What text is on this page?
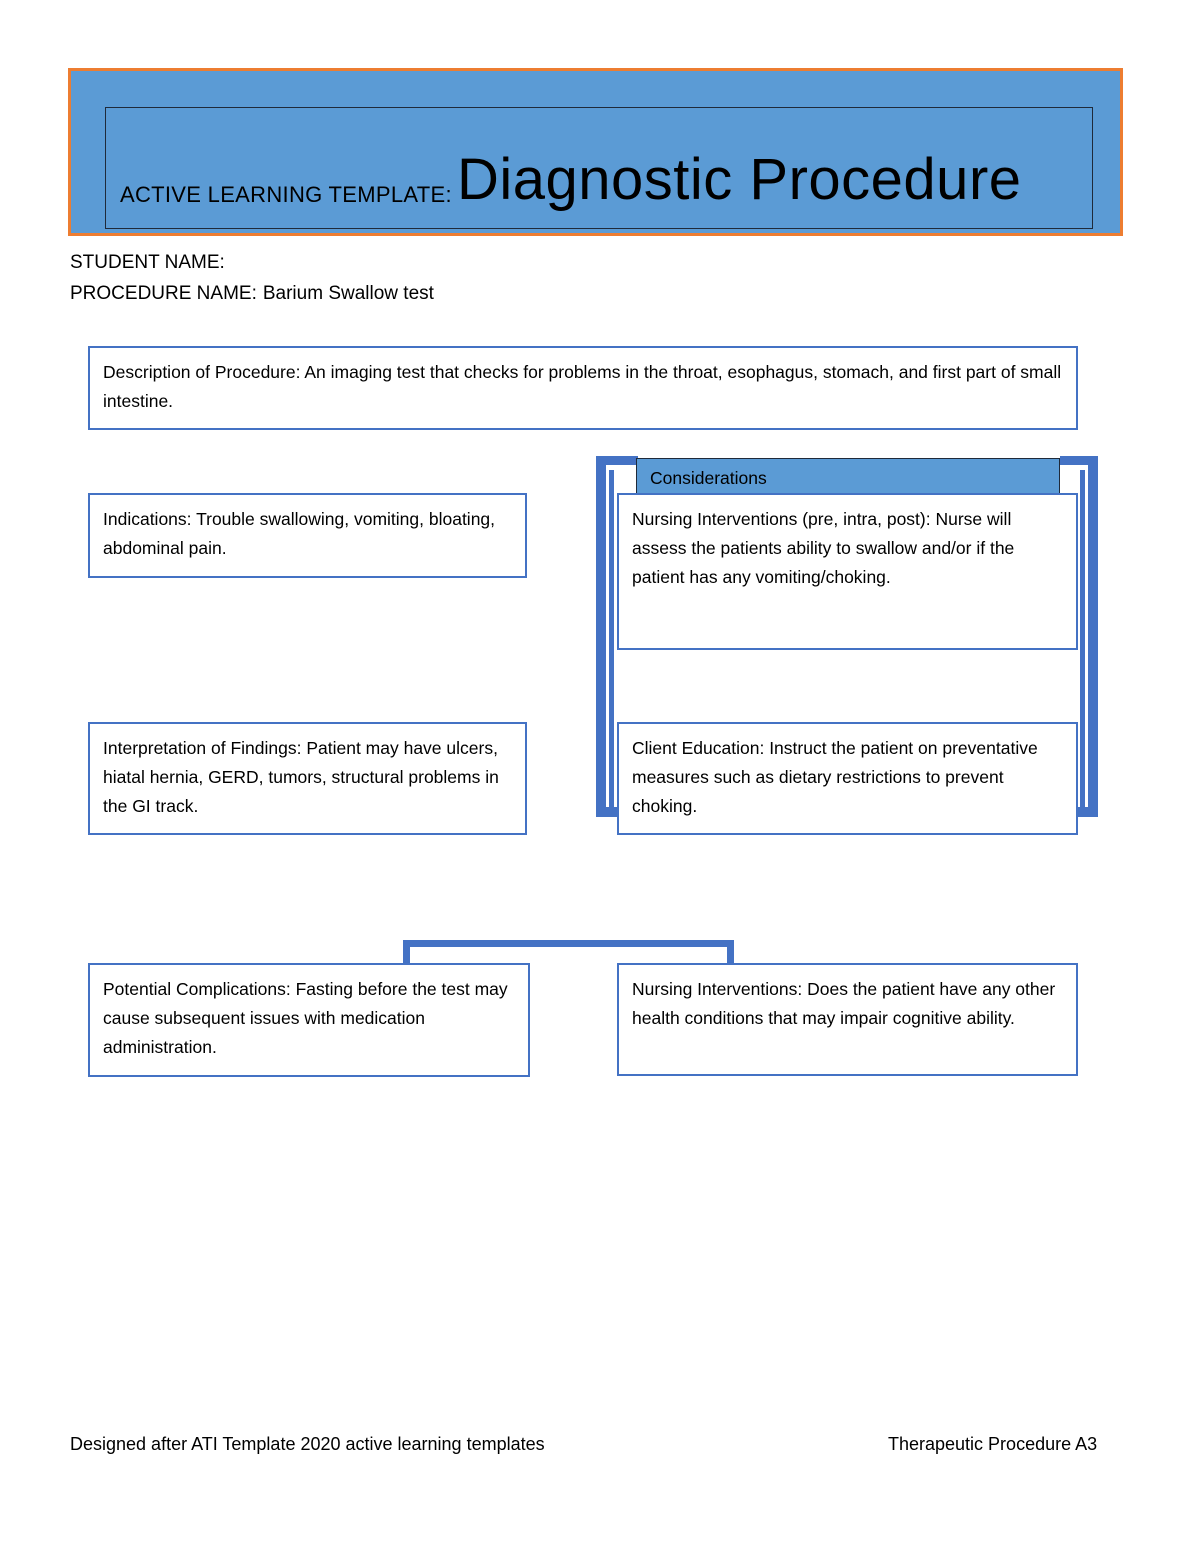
ACTIVE LEARNING TEMPLATE: Diagnostic Procedure
STUDENT NAME:
PROCEDURE NAME: Barium Swallow test
Description of Procedure: An imaging test that checks for problems in the throat, esophagus, stomach, and first part of small intestine.
Indications: Trouble swallowing, vomiting, bloating, abdominal pain.
Interpretation of Findings: Patient may have ulcers, hiatal hernia, GERD, tumors, structural problems in the GI track.
Considerations
Nursing Interventions (pre, intra, post): Nurse will assess the patients ability to swallow and/or if the patient has any vomiting/choking.
Client Education: Instruct the patient on preventative measures such as dietary restrictions to prevent choking.
Potential Complications: Fasting before the test may cause subsequent issues with medication administration.
Nursing Interventions: Does the patient have any other health conditions that may impair cognitive ability.
Designed after ATI Template 2020 active learning templates	Therapeutic Procedure A3
